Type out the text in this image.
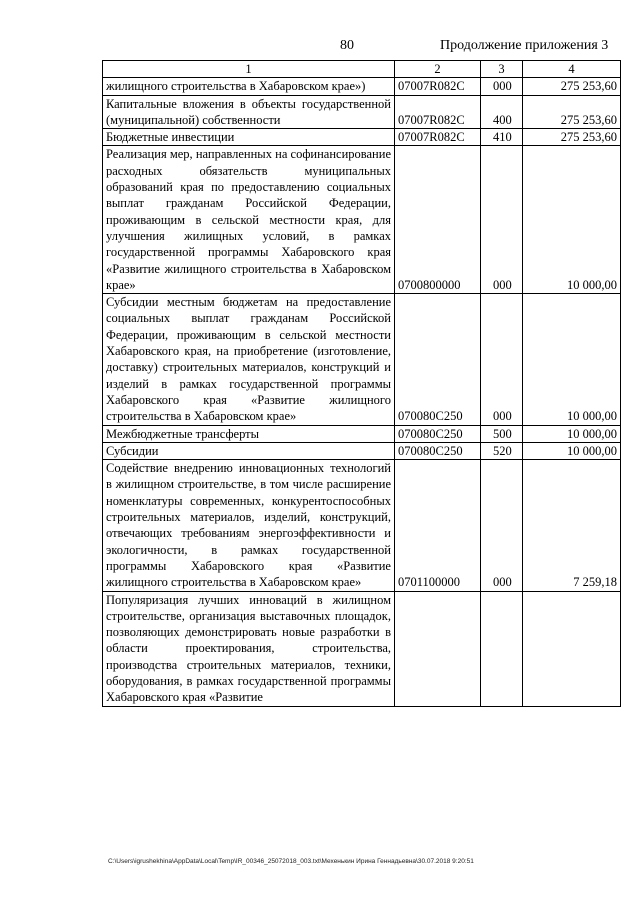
80	Продолжение приложения 3
1	2	3	4
жилищного строительства в Хабаровском крае»)	07007R082C	000	275 253,60
Капитальные вложения в объекты государственной (муниципальной) собственности	07007R082C	400	275 253,60
Бюджетные инвестиции	07007R082C	410	275 253,60
Реализация мер, направленных на софинансирование расходных обязательств муниципальных образований края по предоставлению социальных выплат гражданам Российской Федерации, проживающим в сельской местности края, для улучшения жилищных условий, в рамках государственной программы Хабаровского края «Развитие жилищного строительства в Хабаровском крае»	0700800000	000	10 000,00
Субсидии местным бюджетам на предоставление социальных выплат гражданам Российской Федерации, проживающим в сельской местности Хабаровского края, на приобретение (изготовление, доставку) строительных материалов, конструкций и изделий в рамках государственной программы Хабаровского края «Развитие жилищного строительства в Хабаровском крае»	070080C250	000	10 000,00
Межбюджетные трансферты	070080C250	500	10 000,00
Субсидии	070080C250	520	10 000,00
Содействие внедрению инновационных технологий в жилищном строительстве, в том числе расширение номенклатуры современных, конкурентоспособных строительных материалов, изделий, конструкций, отвечающих требованиям энергоэффективности и экологичности, в рамках государственной программы Хабаровского края «Развитие жилищного строительства в Хабаровском крае»	0701100000	000	7 259,18
Популяризация лучших инноваций в жилищном строительстве, организация выставочных площадок, позволяющих демонстрировать новые разработки в области проектирования, строительства, производства строительных материалов, техники, оборудования, в рамках государственной программы Хабаровского края «Развитие			
C:\Users\igrushekhina\AppData\Local\Temp\IR_00346_25072018_003.txt\Мехенькин Ирина Геннадьевна\30.07.2018 9:20:51
